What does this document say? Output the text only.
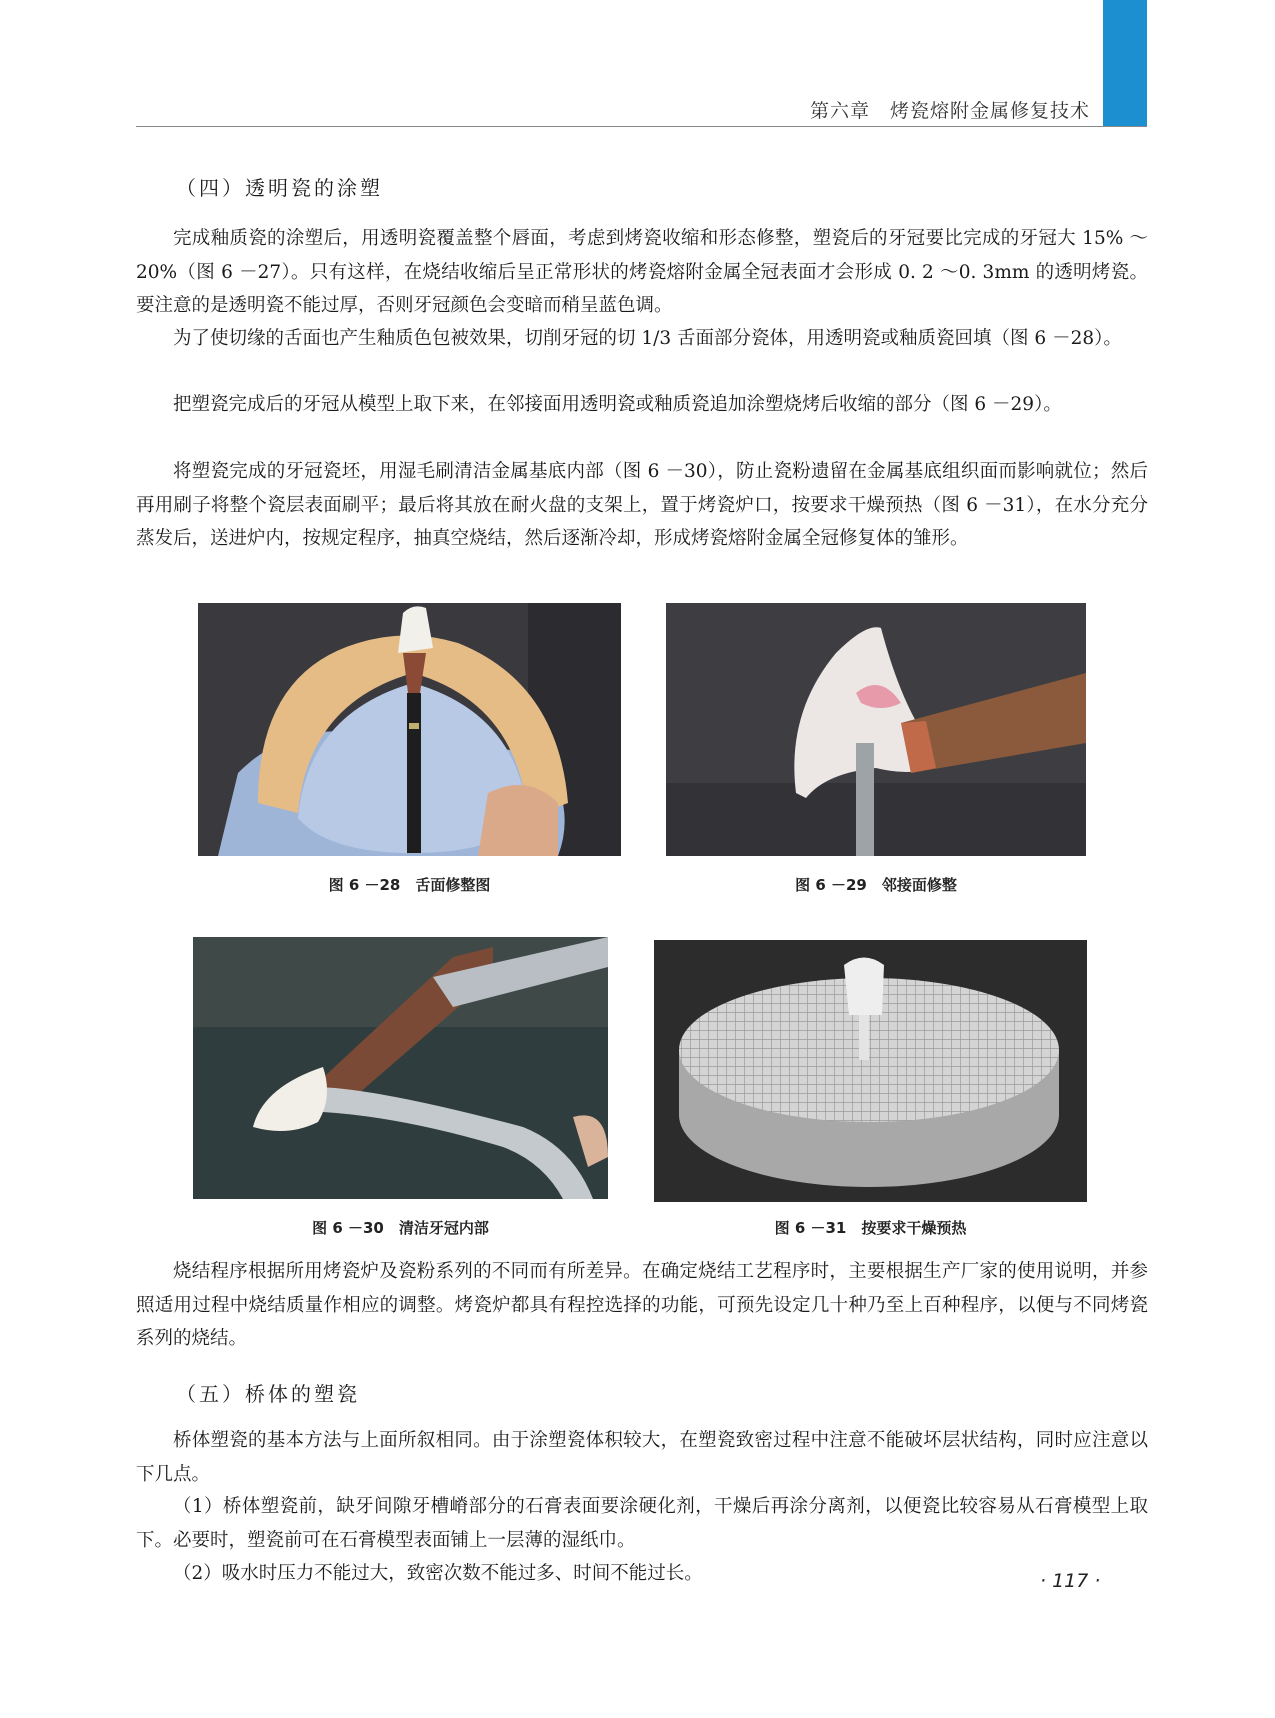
第六章　烤瓷熔附金属修复技术
（四）透明瓷的涂塑
完成釉质瓷的涂塑后，用透明瓷覆盖整个唇面，考虑到烤瓷收缩和形态修整，塑瓷后的牙冠要比完成的牙冠大 15% ～20%（图 6 －27）。只有这样，在烧结收缩后呈正常形状的烤瓷熔附金属全冠表面才会形成 0. 2 ～0. 3mm 的透明烤瓷。要注意的是透明瓷不能过厚，否则牙冠颜色会变暗而稍呈蓝色调。
为了使切缘的舌面也产生釉质色包被效果，切削牙冠的切 1/3 舌面部分瓷体，用透明瓷或釉质瓷回填（图 6 －28）。
把塑瓷完成后的牙冠从模型上取下来，在邻接面用透明瓷或釉质瓷追加涂塑烧烤后收缩的部分（图 6 －29）。
将塑瓷完成的牙冠瓷坯，用湿毛刷清洁金属基底内部（图 6 －30），防止瓷粉遗留在金属基底组织面而影响就位；然后再用刷子将整个瓷层表面刷平；最后将其放在耐火盘的支架上，置于烤瓷炉口，按要求干燥预热（图 6 －31），在水分充分蒸发后，送进炉内，按规定程序，抽真空烧结，然后逐渐冷却，形成烤瓷熔附金属全冠修复体的雏形。
图 6 －28　舌面修整图	图 6 －29　邻接面修整
图 6 －30　清洁牙冠内部	图 6 －31　按要求干燥预热
烧结程序根据所用烤瓷炉及瓷粉系列的不同而有所差异。在确定烧结工艺程序时，主要根据生产厂家的使用说明，并参照适用过程中烧结质量作相应的调整。烤瓷炉都具有程控选择的功能，可预先设定几十种乃至上百种程序，以便与不同烤瓷系列的烧结。
（五）桥体的塑瓷
桥体塑瓷的基本方法与上面所叙相同。由于涂塑瓷体积较大，在塑瓷致密过程中注意不能破坏层状结构，同时应注意以下几点。
（1）桥体塑瓷前，缺牙间隙牙槽嵴部分的石膏表面要涂硬化剂，干燥后再涂分离剂，以便瓷比较容易从石膏模型上取下。必要时，塑瓷前可在石膏模型表面铺上一层薄的湿纸巾。
（2）吸水时压力不能过大，致密次数不能过多、时间不能过长。	· 117 ·
